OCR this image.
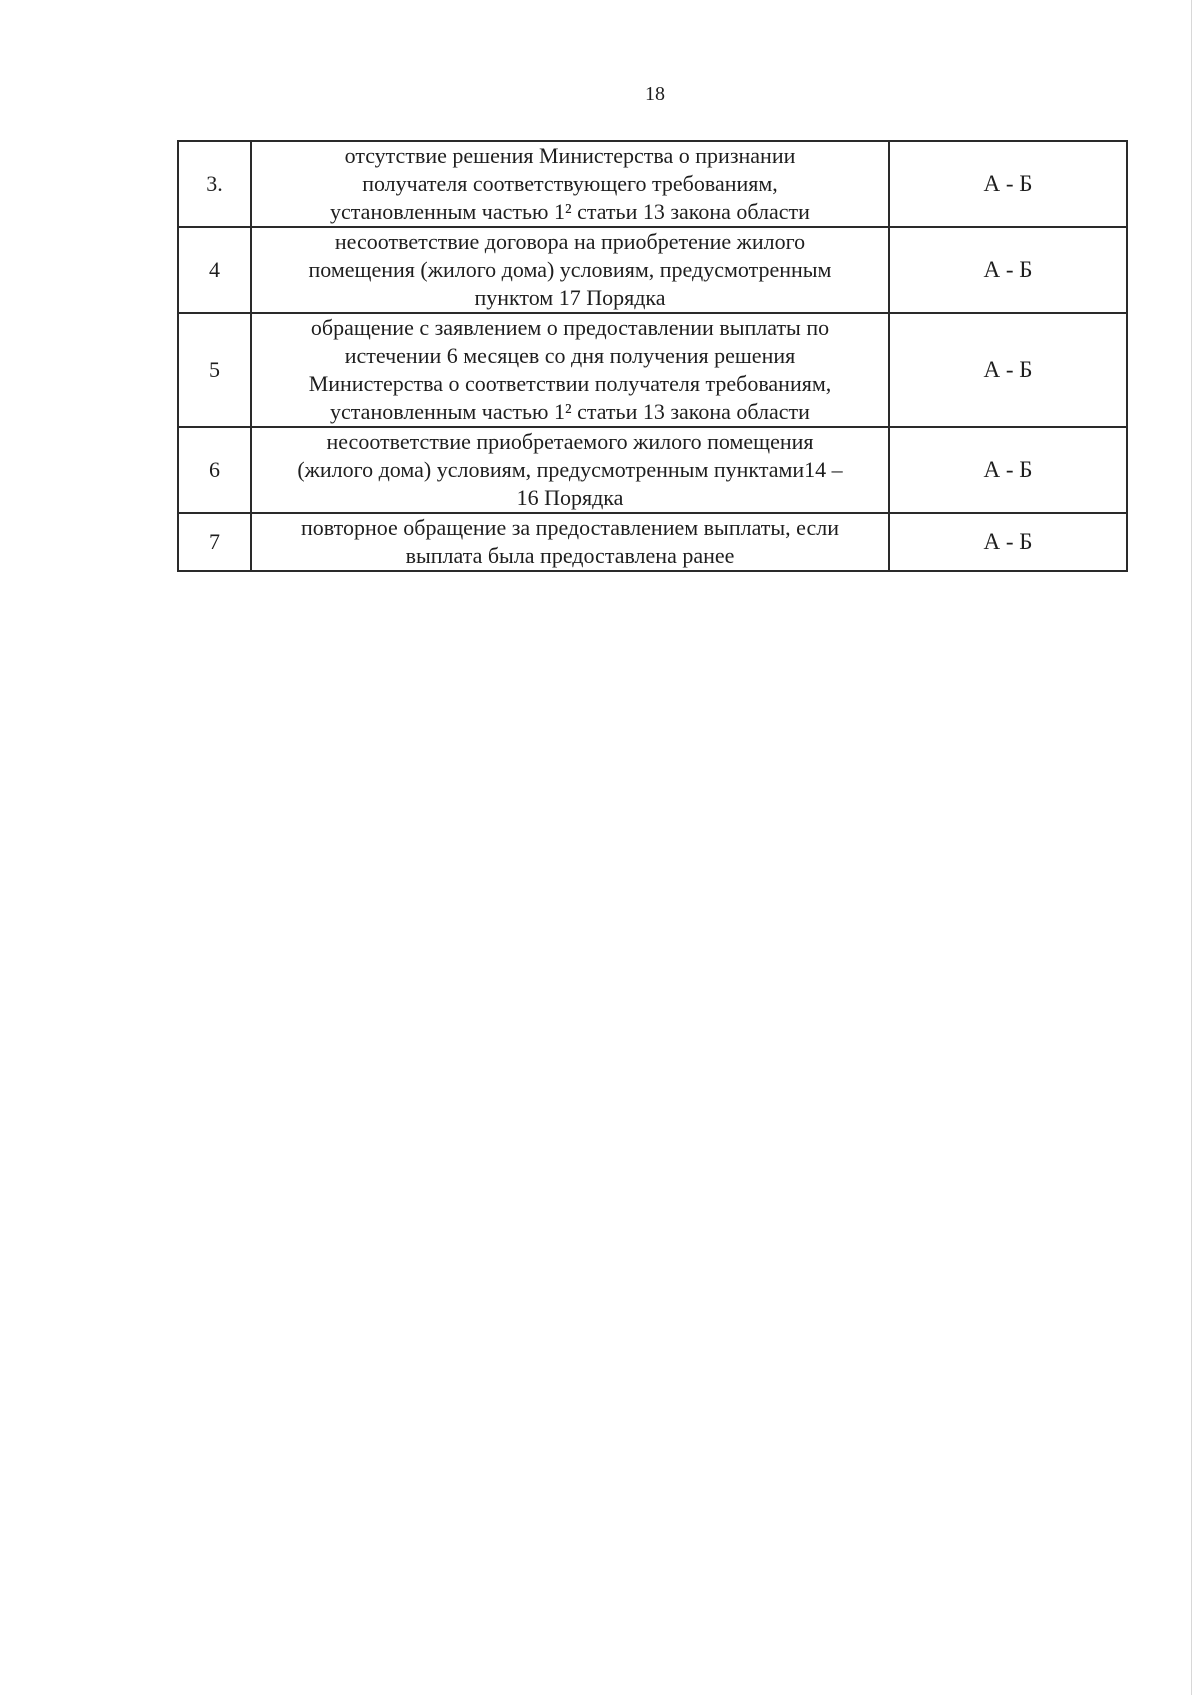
18
3.	отсутствие решения Министерства о признании
получателя соответствующего требованиям,
установленным частью 1² статьи 13 закона области	А - Б
4	несоответствие договора на приобретение жилого
помещения (жилого дома) условиям, предусмотренным
пунктом 17 Порядка	А - Б
5	обращение с заявлением о предоставлении выплаты по
истечении 6 месяцев со дня получения решения
Министерства о соответствии получателя требованиям,
установленным частью 1² статьи 13 закона области	А - Б
6	несоответствие приобретаемого жилого помещения
(жилого дома) условиям, предусмотренным пунктами14 –
16 Порядка	А - Б
7	повторное обращение за предоставлением выплаты, если
выплата была предоставлена ранее	А - Б
